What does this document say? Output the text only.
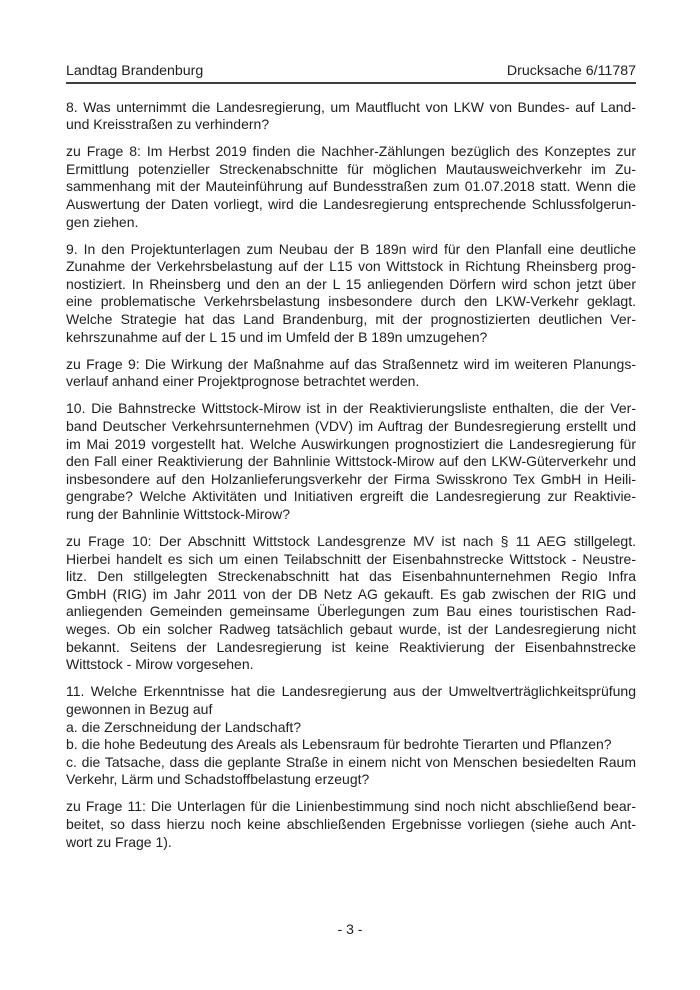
Landtag Brandenburg	Drucksache 6/11787

8. Was unternimmt die Landesregierung, um Mautflucht von LKW von Bundes- auf Land-
und Kreisstraßen zu verhindern?

zu Frage 8: Im Herbst 2019 finden die Nachher-Zählungen bezüglich des Konzeptes zur
Ermittlung potenzieller Streckenabschnitte für möglichen Mautausweichverkehr im Zu-
sammenhang mit der Mauteinführung auf Bundesstraßen zum 01.07.2018 statt. Wenn die
Auswertung der Daten vorliegt, wird die Landesregierung entsprechende Schlussfolgerun-
gen ziehen.

9. In den Projektunterlagen zum Neubau der B 189n wird für den Planfall eine deutliche
Zunahme der Verkehrsbelastung auf der L15 von Wittstock in Richtung Rheinsberg prog-
nostiziert. In Rheinsberg und den an der L 15 anliegenden Dörfern wird schon jetzt über
eine problematische Verkehrsbelastung insbesondere durch den LKW-Verkehr geklagt.
Welche Strategie hat das Land Brandenburg, mit der prognostizierten deutlichen Ver-
kehrszunahme auf der L 15 und im Umfeld der B 189n umzugehen?

zu Frage 9: Die Wirkung der Maßnahme auf das Straßennetz wird im weiteren Planungs-
verlauf anhand einer Projektprognose betrachtet werden.

10. Die Bahnstrecke Wittstock-Mirow ist in der Reaktivierungsliste enthalten, die der Ver-
band Deutscher Verkehrsunternehmen (VDV) im Auftrag der Bundesregierung erstellt und
im Mai 2019 vorgestellt hat. Welche Auswirkungen prognostiziert die Landesregierung für
den Fall einer Reaktivierung der Bahnlinie Wittstock-Mirow auf den LKW-Güterverkehr und
insbesondere auf den Holzanlieferungsverkehr der Firma Swisskrono Tex GmbH in Heili-
gengrabe? Welche Aktivitäten und Initiativen ergreift die Landesregierung zur Reaktivie-
rung der Bahnlinie Wittstock-Mirow?

zu Frage 10: Der Abschnitt Wittstock Landesgrenze MV ist nach § 11 AEG stillgelegt.
Hierbei handelt es sich um einen Teilabschnitt der Eisenbahnstrecke Wittstock - Neustre-
litz. Den stillgelegten Streckenabschnitt hat das Eisenbahnunternehmen Regio Infra
GmbH (RIG) im Jahr 2011 von der DB Netz AG gekauft. Es gab zwischen der RIG und
anliegenden Gemeinden gemeinsame Überlegungen zum Bau eines touristischen Rad-
weges. Ob ein solcher Radweg tatsächlich gebaut wurde, ist der Landesregierung nicht
bekannt. Seitens der Landesregierung ist keine Reaktivierung der Eisenbahnstrecke
Wittstock - Mirow vorgesehen.

11. Welche Erkenntnisse hat die Landesregierung aus der Umweltverträglichkeitsprüfung
gewonnen in Bezug auf
a. die Zerschneidung der Landschaft?
b. die hohe Bedeutung des Areals als Lebensraum für bedrohte Tierarten und Pflanzen?
c. die Tatsache, dass die geplante Straße in einem nicht von Menschen besiedelten Raum
Verkehr, Lärm und Schadstoffbelastung erzeugt?

zu Frage 11: Die Unterlagen für die Linienbestimmung sind noch nicht abschließend bear-
beitet, so dass hierzu noch keine abschließenden Ergebnisse vorliegen (siehe auch Ant-
wort zu Frage 1).

- 3 -
